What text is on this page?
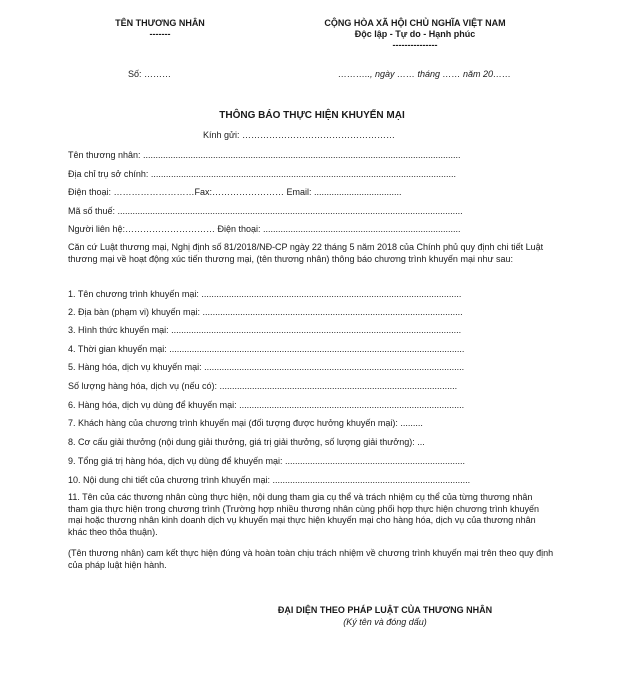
TÊN THƯƠNG NHÂN
-------
CỘNG HÒA XÃ HỘI CHỦ NGHĨA VIỆT NAM
Độc lập - Tự do - Hạnh phúc
---------------
Số: ………	……….., ngày …… tháng …… năm 20……
THÔNG BÁO THỰC HIỆN KHUYẾN MẠI
Kính gửi: ……………………………………………
Tên thương nhân: ...............................................................................................................................
Địa chỉ trụ sở chính: ..........................................................................................................................
Điện thoại: ………………………Fax:…………………… Email: ...................................
Mã số thuế: ..........................................................................................................................................
Người liên hệ:………………………… Điện thoại: ...............................................................................
Căn cứ Luật thương mại, Nghị định số 81/2018/NĐ-CP ngày 22 tháng 5 năm 2018 của Chính phủ quy định chi tiết Luật thương mại về hoạt động xúc tiến thương mại, (tên thương nhân) thông báo chương trình khuyến mại như sau:
1. Tên chương trình khuyến mại: ........................................................................................................
2. Địa bàn (phạm vi) khuyến mại: ........................................................................................................
3. Hình thức khuyến mại: ....................................................................................................................
4. Thời gian khuyến mại: ......................................................................................................................
5. Hàng hóa, dịch vụ khuyến mại: ........................................................................................................
Số lượng hàng hóa, dịch vụ (nếu có): ...............................................................................................
6. Hàng hóa, dịch vụ dùng để khuyến mại: ..........................................................................................
7. Khách hàng của chương trình khuyến mại (đối tượng được hưởng khuyến mại): .........
8. Cơ cấu giải thưởng (nội dung giải thưởng, giá trị giải thưởng, số lượng giải thưởng): ...
9. Tổng giá trị hàng hóa, dịch vụ dùng để khuyến mại: ........................................................................
10. Nội dung chi tiết của chương trình khuyến mại: ...............................................................................
11. Tên của các thương nhân cùng thực hiện, nội dung tham gia cụ thể và trách nhiệm cụ thể của từng thương nhân tham gia thực hiện trong chương trình (Trường hợp nhiều thương nhân cùng phối hợp thực hiện chương trình khuyến mại hoặc thương nhân kinh doanh dịch vụ khuyến mại thực hiện khuyến mại cho hàng hóa, dịch vụ của thương nhân khác theo thỏa thuận).
(Tên thương nhân) cam kết thực hiện đúng và hoàn toàn chịu trách nhiệm về chương trình khuyến mại trên theo quy định của pháp luật hiện hành.
ĐẠI DIỆN THEO PHÁP LUẬT CỦA THƯƠNG NHÂN
(Ký tên và đóng dấu)
